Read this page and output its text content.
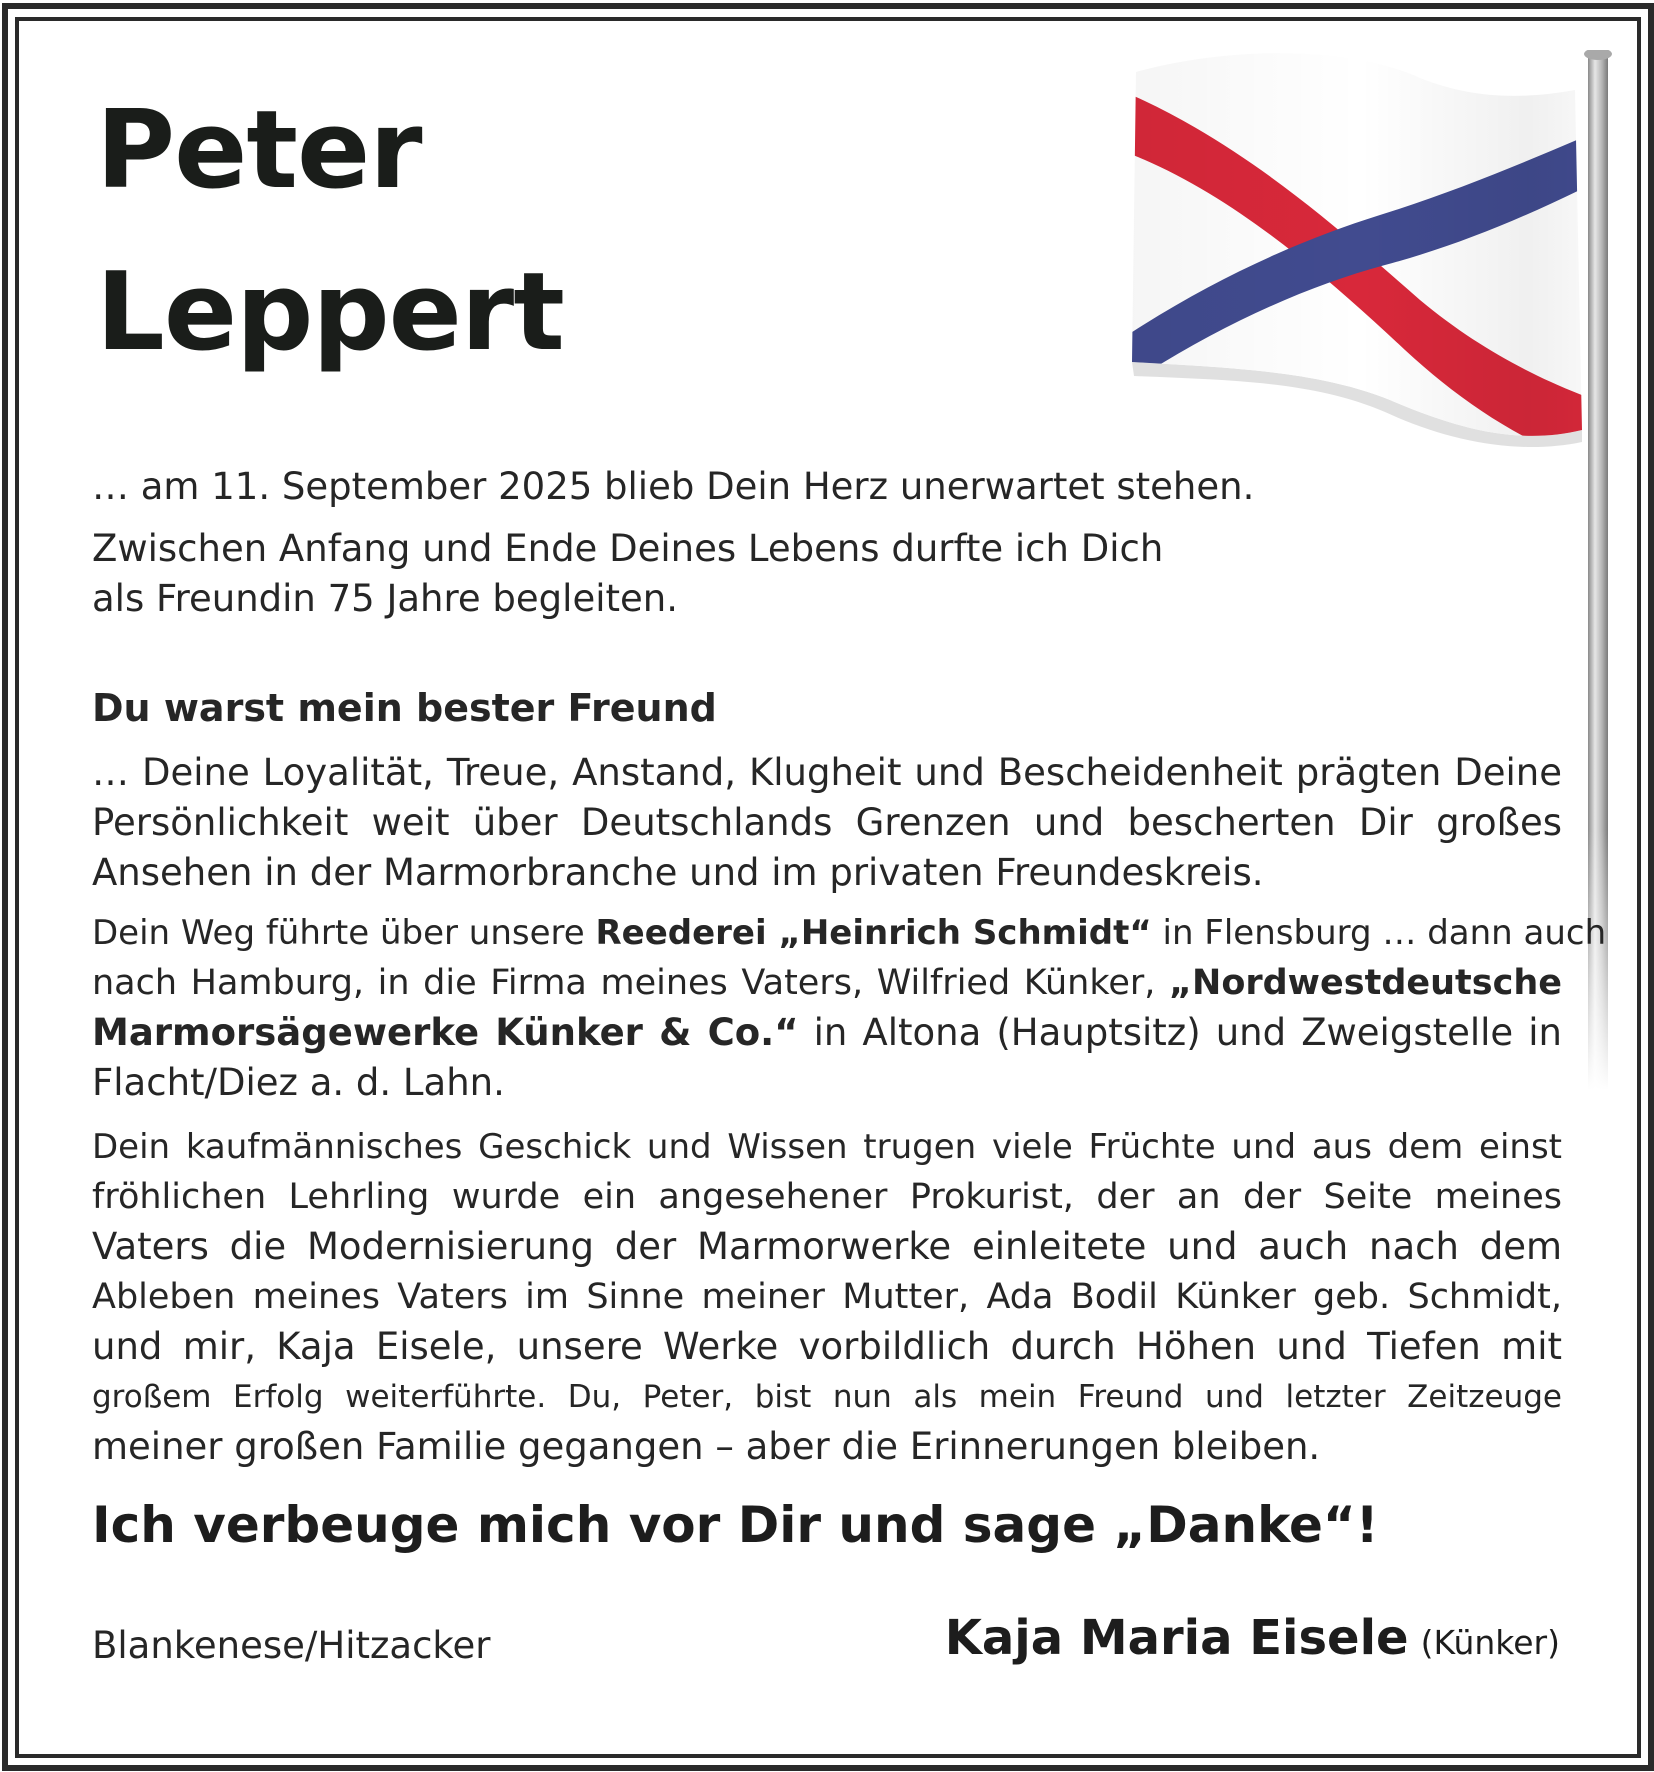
Peter
Leppert

… am 11. September 2025 blieb Dein Herz unerwartet stehen.

Zwischen Anfang und Ende Deines Lebens durfte ich Dich

als Freundin 75 Jahre begleiten.

Du warst mein bester Freund
… Deine Loyalität, Treue, Anstand, Klugheit und Bescheidenheit prägten Deine
Persönlichkeit weit über Deutschlands Grenzen und bescherten Dir großes
Ansehen in der Marmorbranche und im privaten Freundeskreis.
Dein Weg führte über unsere Reederei „Heinrich Schmidt“ in Flensburg … dann auch
nach Hamburg, in die Firma meines Vaters, Wilfried Künker, „Nordwestdeutsche
Marmorsägewerke Künker & Co.“ in Altona (Hauptsitz) und Zweigstelle in
Flacht/Diez a. d. Lahn.
Dein kaufmännisches Geschick und Wissen trugen viele Früchte und aus dem einst
fröhlichen Lehrling wurde ein angesehener Prokurist, der an der Seite meines
Vaters die Modernisierung der Marmorwerke einleitete und auch nach dem
Ableben meines Vaters im Sinne meiner Mutter, Ada Bodil Künker geb. Schmidt,
und mir, Kaja Eisele, unsere Werke vorbildlich durch Höhen und Tiefen mit
großem Erfolg weiterführte. Du, Peter, bist nun als mein Freund und letzter Zeitzeuge
meiner großen Familie gegangen – aber die Erinnerungen bleiben.

Ich verbeuge mich vor Dir und sage „Danke“!

Blankenese/Hitzacker	Kaja Maria Eisele (Künker)
